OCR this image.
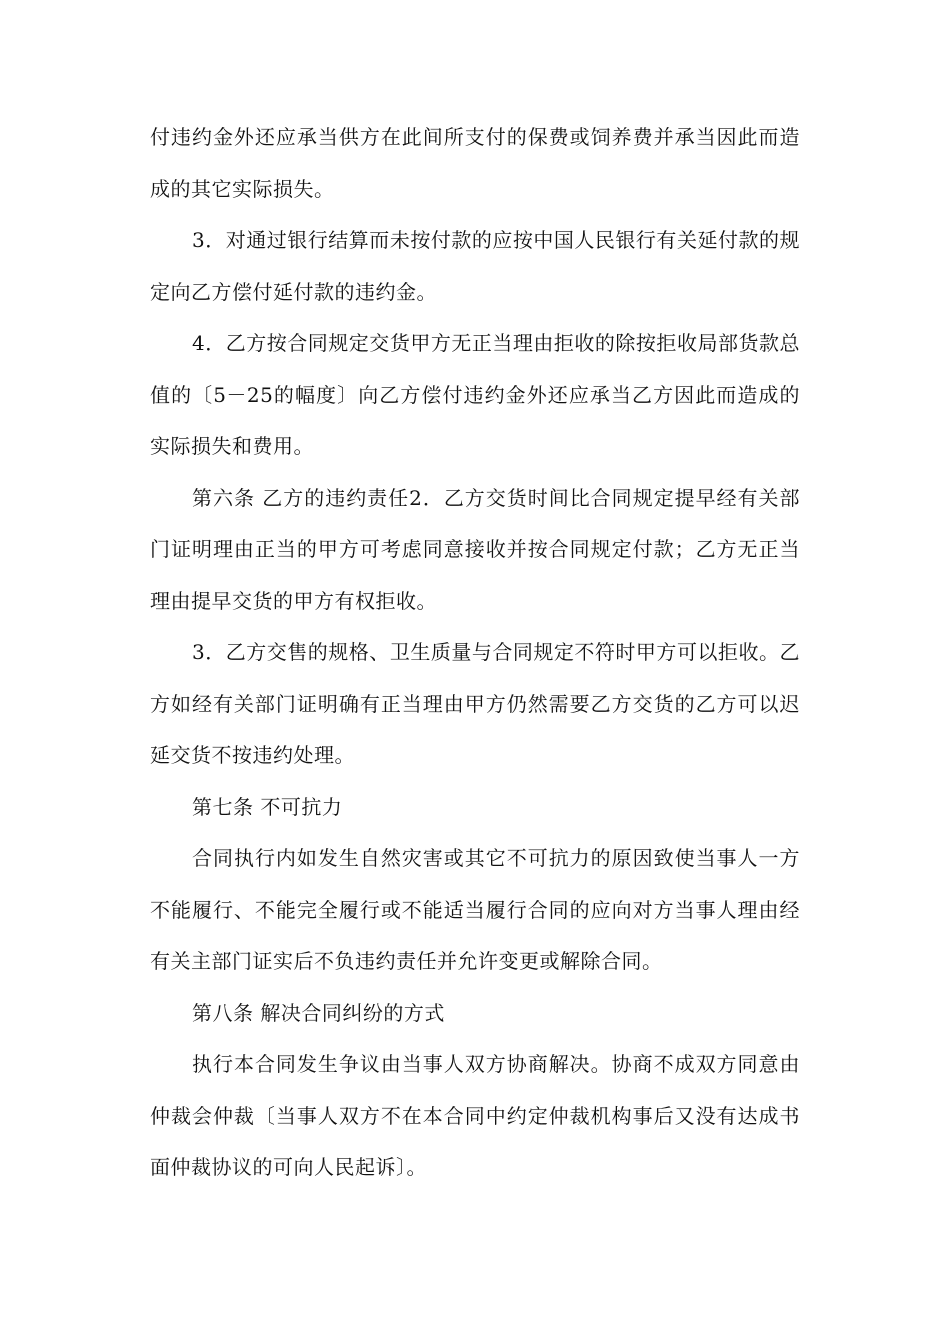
付违约金外还应承当供方在此间所支付的保费或饲养费并承当因此而造成的其它实际损失。

3．对通过银行结算而未按付款的应按中国人民银行有关延付款的规定向乙方偿付延付款的违约金。

4．乙方按合同规定交货甲方无正当理由拒收的除按拒收局部货款总值的〔5－25的幅度〕向乙方偿付违约金外还应承当乙方因此而造成的实际损失和费用。

第六条 乙方的违约责任2．乙方交货时间比合同规定提早经有关部门证明理由正当的甲方可考虑同意接收并按合同规定付款；乙方无正当理由提早交货的甲方有权拒收。

3．乙方交售的规格、卫生质量与合同规定不符时甲方可以拒收。乙方如经有关部门证明确有正当理由甲方仍然需要乙方交货的乙方可以迟延交货不按违约处理。

第七条 不可抗力

合同执行内如发生自然灾害或其它不可抗力的原因致使当事人一方不能履行、不能完全履行或不能适当履行合同的应向对方当事人理由经有关主部门证实后不负违约责任并允许变更或解除合同。

第八条 解决合同纠纷的方式

执行本合同发生争议由当事人双方协商解决。协商不成双方同意由仲裁会仲裁〔当事人双方不在本合同中约定仲裁机构事后又没有达成书面仲裁协议的可向人民起诉〕。
